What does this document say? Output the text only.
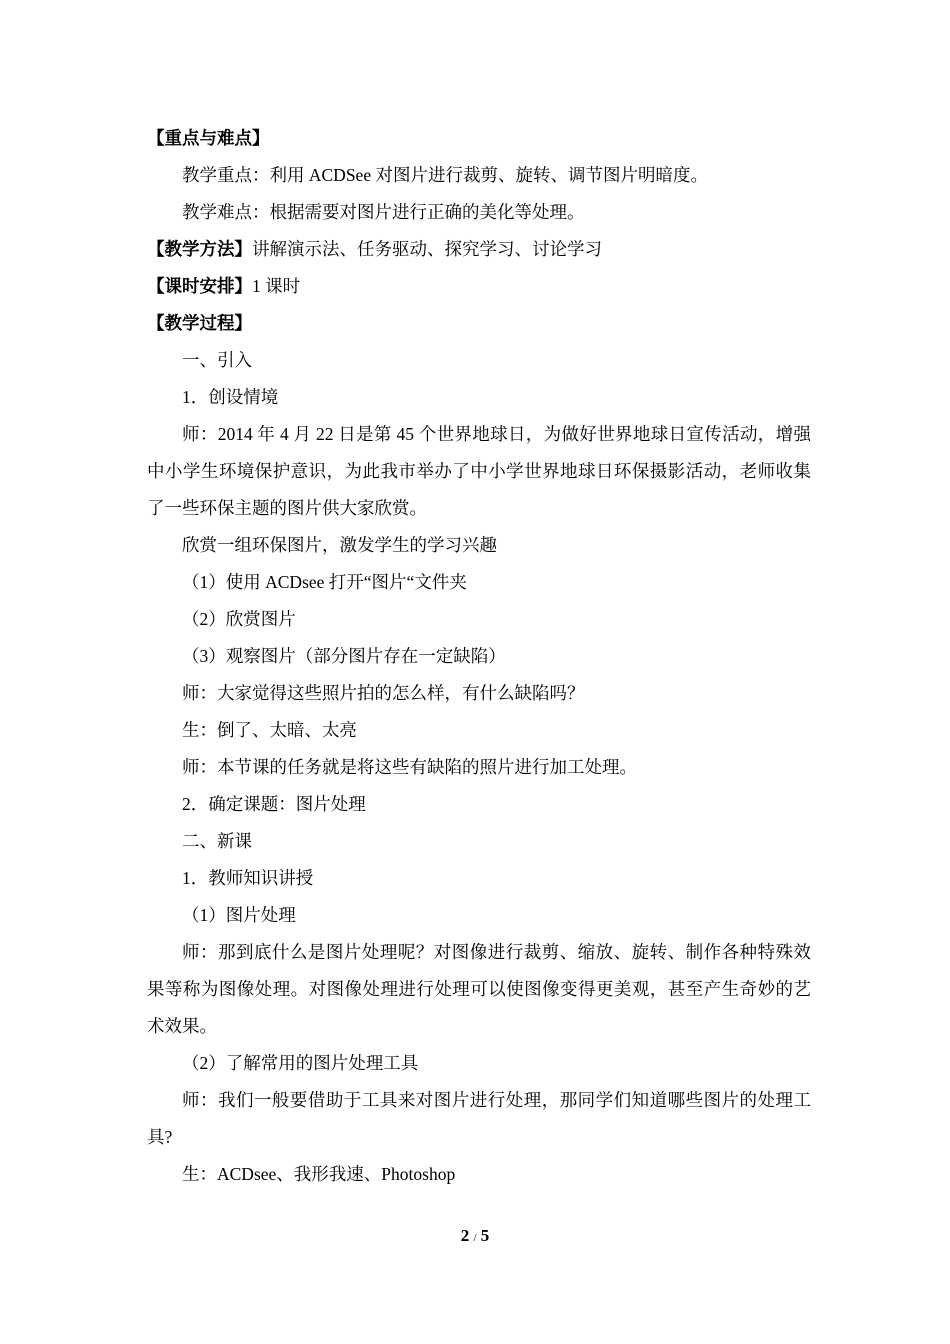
【重点与难点】

教学重点：利用 ACDSee 对图片进行裁剪、旋转、调节图片明暗度。

教学难点：根据需要对图片进行正确的美化等处理。

【教学方法】讲解演示法、任务驱动、探究学习、讨论学习

【课时安排】1 课时

【教学过程】

一、引入

1．创设情境

师：2014 年 4 月 22 日是第 45 个世界地球日，为做好世界地球日宣传活动，增强中小学生环境保护意识，为此我市举办了中小学世界地球日环保摄影活动，老师收集了一些环保主题的图片供大家欣赏。

欣赏一组环保图片，激发学生的学习兴趣

（1）使用 ACDsee 打开“图片“文件夹

（2）欣赏图片

（3）观察图片（部分图片存在一定缺陷）

师：大家觉得这些照片拍的怎么样，有什么缺陷吗？

生：倒了、太暗、太亮

师：本节课的任务就是将这些有缺陷的照片进行加工处理。

2．确定课题：图片处理

二、新课

1．教师知识讲授

（1）图片处理

师：那到底什么是图片处理呢？对图像进行裁剪、缩放、旋转、制作各种特殊效果等称为图像处理。对图像处理进行处理可以使图像变得更美观，甚至产生奇妙的艺术效果。

（2）了解常用的图片处理工具

师：我们一般要借助于工具来对图片进行处理，那同学们知道哪些图片的处理工具?

生：ACDsee、我形我速、Photoshop

2 / 5
